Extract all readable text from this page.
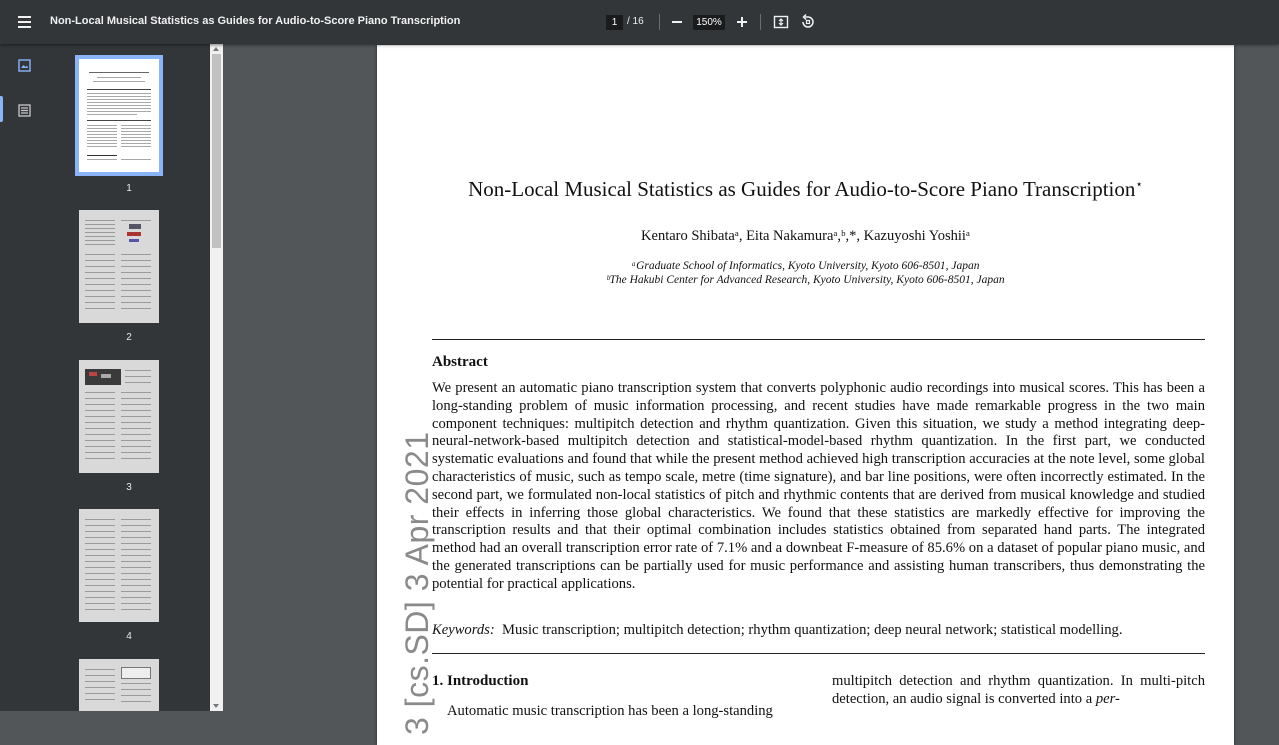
Non-Local Musical Statistics as Guides for Audio-to-Score Piano Transcription	1 / 16	150%
1
2
3
4
Non-Local Musical Statistics as Guides for Audio-to-Score Piano Transcription⋆
Kentaro Shibataᵃ, Eita Nakamuraᵃ,ᵇ,*, Kazuyoshi Yoshiiᵃ
ᵃGraduate School of Informatics, Kyoto University, Kyoto 606-8501, Japan
ᵇThe Hakubi Center for Advanced Research, Kyoto University, Kyoto 606-8501, Japan
Abstract
We present an automatic piano transcription system that converts polyphonic audio recordings into musical scores. This has been a long-standing problem of music information processing, and recent studies have made remarkable progress in the two main component techniques: multipitch detection and rhythm quantization. Given this situation, we study a method integrating deep-neural-network-based multipitch detection and statistical-model-based rhythm quantization. In the first part, we conducted systematic evaluations and found that while the present method achieved high transcription accuracies at the note level, some global characteristics of music, such as tempo scale, metre (time signature), and bar line positions, were often incorrectly estimated. In the second part, we formulated non-local statistics of pitch and rhythmic contents that are derived from musical knowledge and studied their effects in inferring those global characteristics. We found that these statistics are markedly effective for improving the transcription results and that their optimal combination includes statistics obtained from separated hand parts. The integrated method had an overall transcription error rate of 7.1% and a downbeat F-measure of 85.6% on a dataset of popular piano music, and the generated transcriptions can be partially used for music performance and assisting human transcribers, thus demonstrating the potential for practical applications.
Keywords: Music transcription; multipitch detection; rhythm quantization; deep neural network; statistical modelling.
1. Introduction
Automatic music transcription has been a long-standing
multipitch detection and rhythm quantization. In multi-pitch detection, an audio signal is converted into a per-
3 [cs.SD] 3 Apr 2021
